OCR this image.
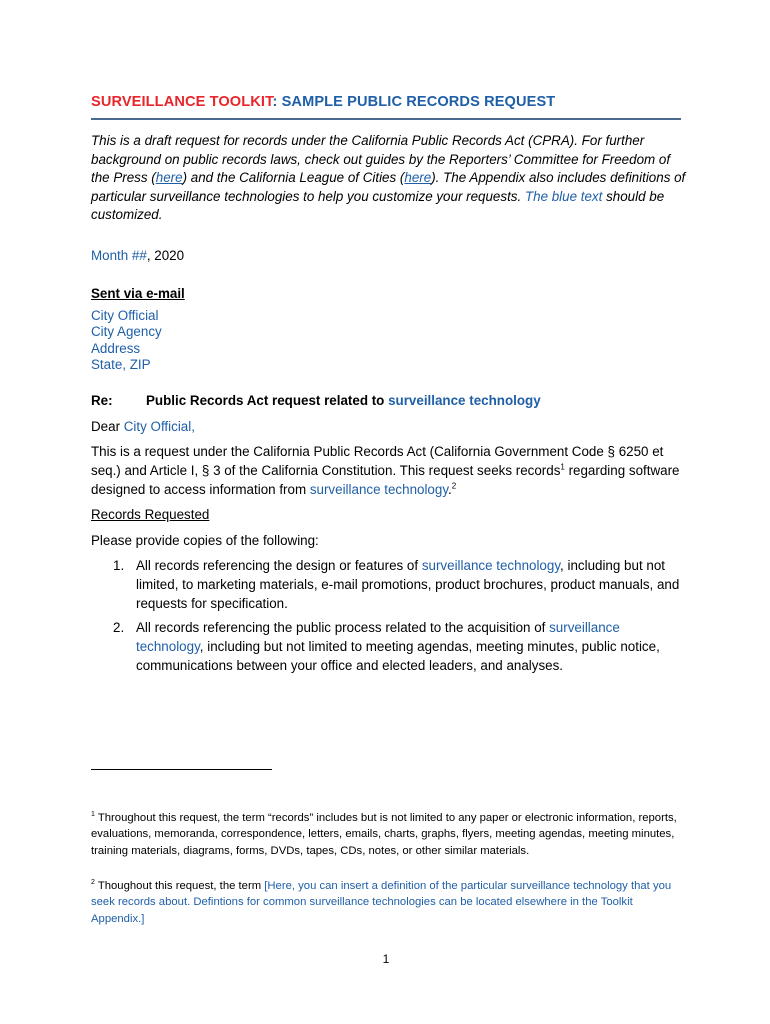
SURVEILLANCE TOOLKIT: SAMPLE PUBLIC RECORDS REQUEST

This is a draft request for records under the California Public Records Act (CPRA). For further background on public records laws, check out guides by the Reporters’ Committee for Freedom of the Press (here) and the California League of Cities (here). The Appendix also includes definitions of particular surveillance technologies to help you customize your requests. The blue text should be customized.

Month ##, 2020

Sent via e-mail

City Official
City Agency
Address
State, ZIP

Re: Public Records Act request related to surveillance technology

Dear City Official,

This is a request under the California Public Records Act (California Government Code § 6250 et seq.) and Article I, § 3 of the California Constitution. This request seeks records$^1$ regarding software designed to access information from surveillance technology.$^2$

Records Requested

Please provide copies of the following:

1. All records referencing the design or features of surveillance technology, including but not limited, to marketing materials, e-mail promotions, product brochures, product manuals, and requests for specification.
2. All records referencing the public process related to the acquisition of surveillance technology, including but not limited to meeting agendas, meeting minutes, public notice, communications between your office and elected leaders, and analyses.

$^1$ Throughout this request, the term “records” includes but is not limited to any paper or electronic information, reports, evaluations, memoranda, correspondence, letters, emails, charts, graphs, flyers, meeting agendas, meeting minutes, training materials, diagrams, forms, DVDs, tapes, CDs, notes, or other similar materials.

$^2$ Thoughout this request, the term [Here, you can insert a definition of the particular surveillance technology that you seek records about. Defintions for common surveillance technologies can be located elsewhere in the Toolkit Appendix.]

1
